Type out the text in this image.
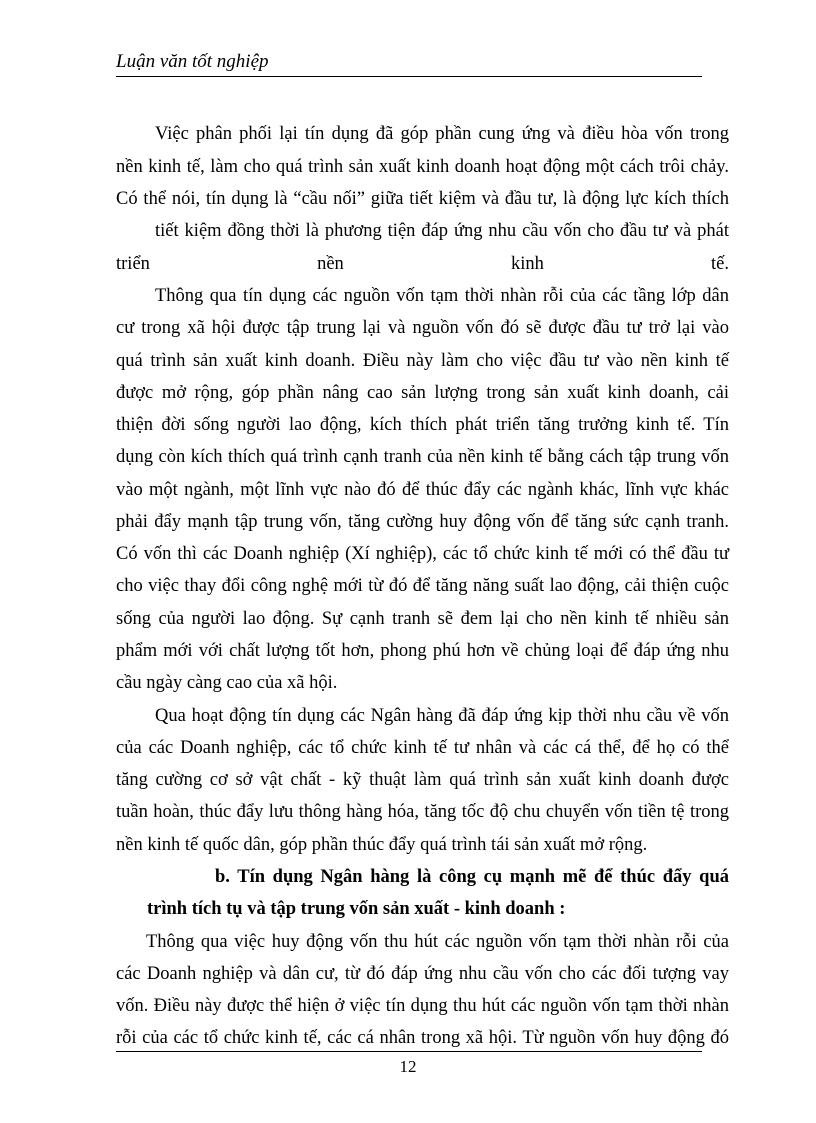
Luận văn tốt nghiệp
Việc phân phối lại tín dụng đã góp phần cung ứng và điều hòa vốn trong
nền kinh tế, làm cho quá trình sản xuất kinh doanh hoạt động một cách trôi chảy.
Có thể nói, tín dụng là “cầu nối” giữa tiết kiệm và đầu tư, là động lực kích thích
tiết kiệm đồng thời là phương tiện đáp ứng nhu cầu vốn cho đầu tư và phát
triển nền kinh tế.
Thông qua tín dụng các nguồn vốn tạm thời nhàn rỗi của các tầng lớp dân
cư trong xã hội được tập trung lại và nguồn vốn đó sẽ được đầu tư trở lại vào
quá trình sản xuất kinh doanh. Điều này làm cho việc đầu tư vào nền kinh tế
được mở rộng, góp phần nâng cao sản lượng trong sản xuất kinh doanh, cải
thiện đời sống người lao động, kích thích phát triển tăng trưởng kinh tế. Tín
dụng còn kích thích quá trình cạnh tranh của nền kinh tế bằng cách tập trung vốn
vào một ngành, một lĩnh vực nào đó để thúc đẩy các ngành khác, lĩnh vực khác
phải đẩy mạnh tập trung vốn, tăng cường huy động vốn để tăng sức cạnh tranh.
Có vốn thì các Doanh nghiệp (Xí nghiệp), các tổ chức kinh tế mới có thể đầu tư
cho việc thay đổi công nghệ mới từ đó để tăng năng suất lao động, cải thiện cuộc
sống của người lao động. Sự cạnh tranh sẽ đem lại cho nền kinh tế nhiều sản
phẩm mới với chất lượng tốt hơn, phong phú hơn về chủng loại để đáp ứng nhu
cầu ngày càng cao của xã hội.
Qua hoạt động tín dụng các Ngân hàng đã đáp ứng kịp thời nhu cầu về vốn
của các Doanh nghiệp, các tổ chức kinh tế tư nhân và các cá thể, để họ có thể
tăng cường cơ sở vật chất - kỹ thuật làm quá trình sản xuất kinh doanh được
tuần hoàn, thúc đẩy lưu thông hàng hóa, tăng tốc độ chu chuyển vốn tiền tệ trong
nền kinh tế quốc dân, góp phần thúc đẩy quá trình tái sản xuất mở rộng.
b. Tín dụng Ngân hàng là công cụ mạnh mẽ để thúc đẩy quá
trình tích tụ và tập trung vốn sản xuất - kinh doanh :
Thông qua việc huy động vốn thu hút các nguồn vốn tạm thời nhàn rỗi của
các Doanh nghiệp và dân cư, từ đó đáp ứng nhu cầu vốn cho các đối tượng vay
vốn. Điều này được thể hiện ở việc tín dụng thu hút các nguồn vốn tạm thời nhàn
rỗi của các tổ chức kinh tế, các cá nhân trong xã hội. Từ nguồn vốn huy động đó
12
